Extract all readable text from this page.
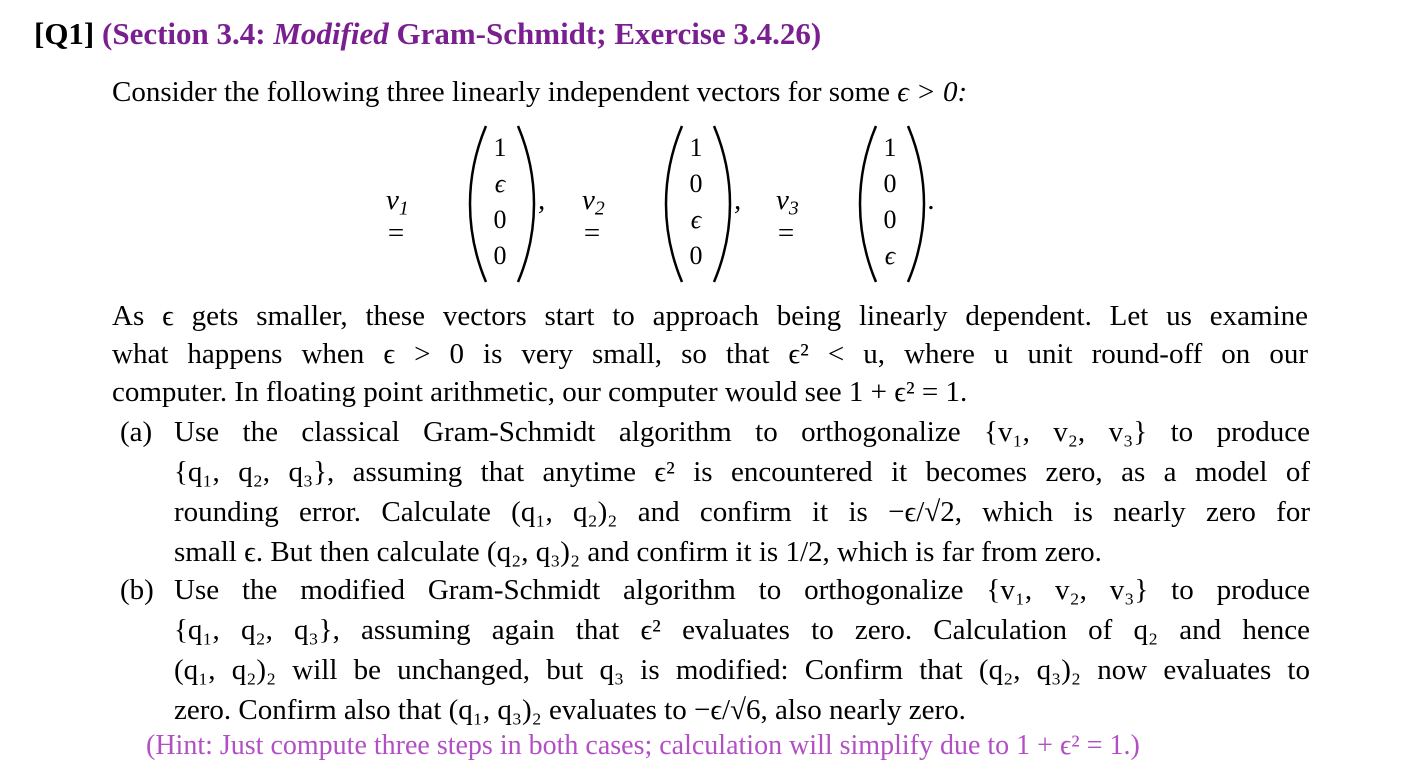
[Q1] (Section 3.4: Modified Gram-Schmidt; Exercise 3.4.26)
Consider the following three linearly independent vectors for some ϵ > 0:
$v_1$ =
1
ϵ
0
0
, $v_2$ =
1
0
ϵ
0
, $v_3$ =
1
0
0
ϵ
.
As ϵ gets smaller, these vectors start to approach being linearly dependent. Let us examine
what happens when ϵ > 0 is very small, so that ϵ² < u, where u unit round-off on our
computer. In floating point arithmetic, our computer would see 1 + ϵ² = 1.
(a) Use the classical Gram-Schmidt algorithm to orthogonalize {v₁, v₂, v₃} to produce
{q₁, q₂, q₃}, assuming that anytime ϵ² is encountered it becomes zero, as a model of
rounding error. Calculate (q₁, q₂)₂ and confirm it is −ϵ/√2, which is nearly zero for
small ϵ. But then calculate (q₂, q₃)₂ and confirm it is 1/2, which is far from zero.
(b) Use the modified Gram-Schmidt algorithm to orthogonalize {v₁, v₂, v₃} to produce
{q₁, q₂, q₃}, assuming again that ϵ² evaluates to zero. Calculation of q₂ and hence
(q₁, q₂)₂ will be unchanged, but q₃ is modified: Confirm that (q₂, q₃)₂ now evaluates to
zero. Confirm also that (q₁, q₃)₂ evaluates to −ϵ/√6, also nearly zero.
(Hint: Just compute three steps in both cases; calculation will simplify due to 1 + ϵ² = 1.)
